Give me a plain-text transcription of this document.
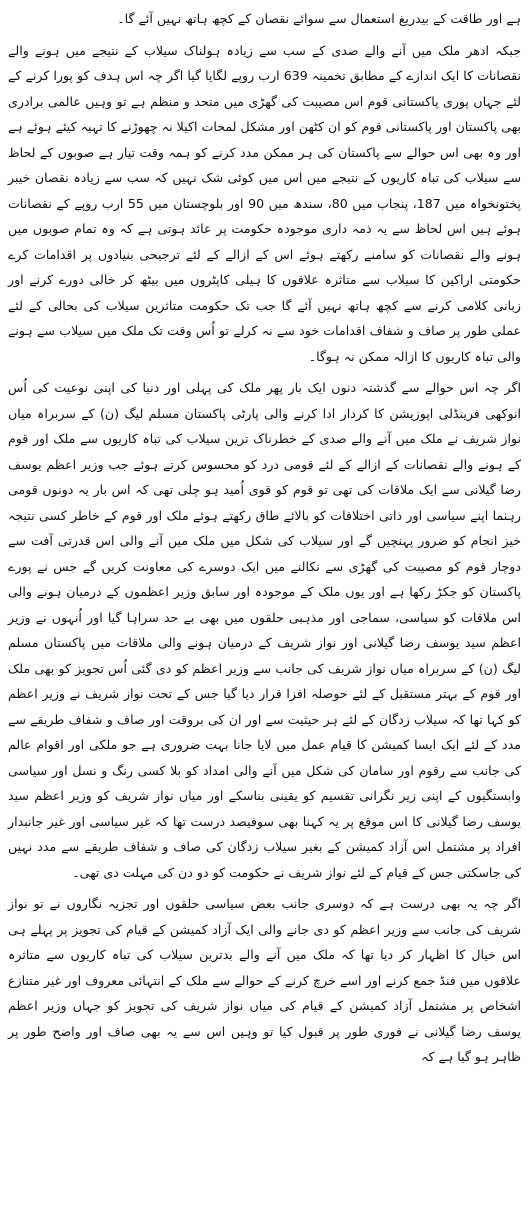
ہے اور طاقت کے بیدریغ استعمال سے سوائے نقصان کے کچھ ہاتھ نہیں آئے گا۔

جبکہ ادھر ملک میں آنے والے صدی کے سب سے زیادہ ہولناک سیلاب کے نتیجے میں ہونے والے نقصانات کا ایک اندازے کے مطابق تخمینہ 639 ارب روپے لگایا گیا اگر چہ اس ہدف کو پورا کرنے کے لئے جہاں پوری پاکستانی قوم اس مصیبت کی گھڑی میں متحد و منظم ہے تو وہیں عالمی برادری بھی پاکستان اور پاکستانی قوم کو ان کٹھن اور مشکل لمحات اکیلا نہ چھوڑنے کا تہیہ کیئے ہوئے ہے اور وہ بھی اس حوالے سے پاکستان کی ہر ممکن مدد کرنے کو ہمہ وقت تیار ہے صوبوں کے لحاظ سے سیلاب کی تباہ کاریوں کے نتیجے میں اس میں کوئی شک نہیں کہ سب سے زیادہ نقصان خیبر پختونخواہ میں 187، پنجاب میں 80، سندھ میں 90 اور بلوچستان میں 55 ارب روپے کے نقصانات ہوئے ہیں اس لحاظ سے یہ ذمہ داری موجودہ حکومت پر عائد ہوتی ہے کہ وہ تمام صوبوں میں ہونے والے نقصانات کو سامنے رکھتے ہوئے اس کے ازالے کے لئے ترجیحی بنیادوں پر اقدامات کرے حکومتی اراکین کا سیلاب سے متاثرہ علاقوں کا ہیلی کاپٹروں میں بیٹھ کر خالی دورے کرنے اور زبانی کلامی کرنے سے کچھ ہاتھ نہیں آئے گا جب تک حکومت متاثرین سیلاب کی بحالی کے لئے عملی طور پر صاف و شفاف اقدامات خود سے نہ کرلے تو اُس وقت تک ملک میں سیلاب سے ہونے والی تباہ کاریوں کا ازالہ ممکن نہ ہوگا۔

اگر چہ اس حوالے سے گذشتہ دنوں ایک بار پھر ملک کی پہلی اور دنیا کی اپنی نوعیت کی اُس انوکھی فرینڈلی اپوزیشن کا کردار ادا کرنے والی پارٹی پاکستان مسلم لیگ (ن) کے سربراہ میاں نواز شریف نے ملک میں آنے والے صدی کے خطرناک ترین سیلاب کی تباہ کاریوں سے ملک اور قوم کے ہونے والے نقصانات کے ازالے کے لئے قومی درد کو محسوس کرتے ہوئے جب وزیر اعظم یوسف رضا گیلانی سے ایک ملاقات کی تھی تو قوم کو قوی اُمید ہو چلی تھی کہ اس بار یہ دونوں قومی رہنما اپنے سیاسی اور ذاتی اختلافات کو بالائے طاق رکھتے ہوئے ملک اور قوم کے خاطر کسی نتیجہ خیز انجام کو ضرور پہنچیں گے اور سیلاب کی شکل میں ملک میں آنے والی اس قدرتی آفت سے دوچار قوم کو مصیبت کی گھڑی سے نکالنے میں ایک دوسرے کی معاونت کریں گے جس نے پورے پاکستان کو جکڑ رکھا ہے اور یوں ملک کے موجودہ اور سابق وزیر اعظموں کے درمیان ہونے والی اس ملاقات کو سیاسی، سماجی اور مذہبی حلقوں میں بھی بے حد سراہا گیا اور اُنہوں نے وزیر اعظم سید یوسف رضا گیلانی اور نواز شریف کے درمیان ہونے والی ملاقات میں پاکستان مسلم لیگ (ن) کے سربراہ میاں نواز شریف کی جانب سے وزیر اعظم کو دی گئی اُس تجویز کو بھی ملک اور قوم کے بہتر مستقبل کے لئے حوصلہ افزا قرار دیا گیا جس کے تحت نواز شریف نے وزیر اعظم کو کہا تھا کہ سیلاب زدگان کے لئے ہر حیثیت سے اور ان کی بروقت اور صاف و شفاف طریقے سے مدد کے لئے ایک ایسا کمیشن کا قیام عمل میں لایا جانا بہت ضروری ہے جو ملکی اور اقوام عالم کی جانب سے رقوم اور سامان کی شکل میں آنے والی امداد کو بلا کسی رنگ و نسل اور سیاسی وابستگیوں کے اپنی زیر نگرانی تقسیم کو یقینی بناسکے اور میاں نواز شریف کو وزیر اعظم سید یوسف رضا گیلانی کا اس موقع پر یہ کہنا بھی سوفیصد درست تھا کہ غیر سیاسی اور غیر جانبدار افراد پر مشتمل اس آزاد کمیشن کے بغیر سیلاب زدگان کی صاف و شفاف طریقے سے مدد نہیں کی جاسکتی جس کے قیام کے لئے نواز شریف نے حکومت کو دو دن کی مہلت دی تھی۔

اگر چہ یہ بھی درست ہے کہ دوسری جانب بعض سیاسی حلقوں اور تجزیہ نگاروں نے تو نواز شریف کی جانب سے وزیر اعظم کو دی جانے والی ایک آزاد کمیشن کے قیام کی تجویز پر پہلے ہی اس خیال کا اظہار کر دیا تھا کہ ملک میں آنے والے بدترین سیلاب کی تباہ کاریوں سے متاثرہ علاقوں میں فنڈ جمع کرنے اور اسے خرچ کرنے کے حوالے سے ملک کے انتہائی معروف اور غیر متنازع اشخاص پر مشتمل آزاد کمیشن کے قیام کی میاں نواز شریف کی تجویز کو جہاں وزیر اعظم یوسف رضا گیلانی نے فوری طور پر قبول کیا تو وہیں اس سے یہ بھی صاف اور واضح طور پر ظاہر ہو گیا ہے کہ
